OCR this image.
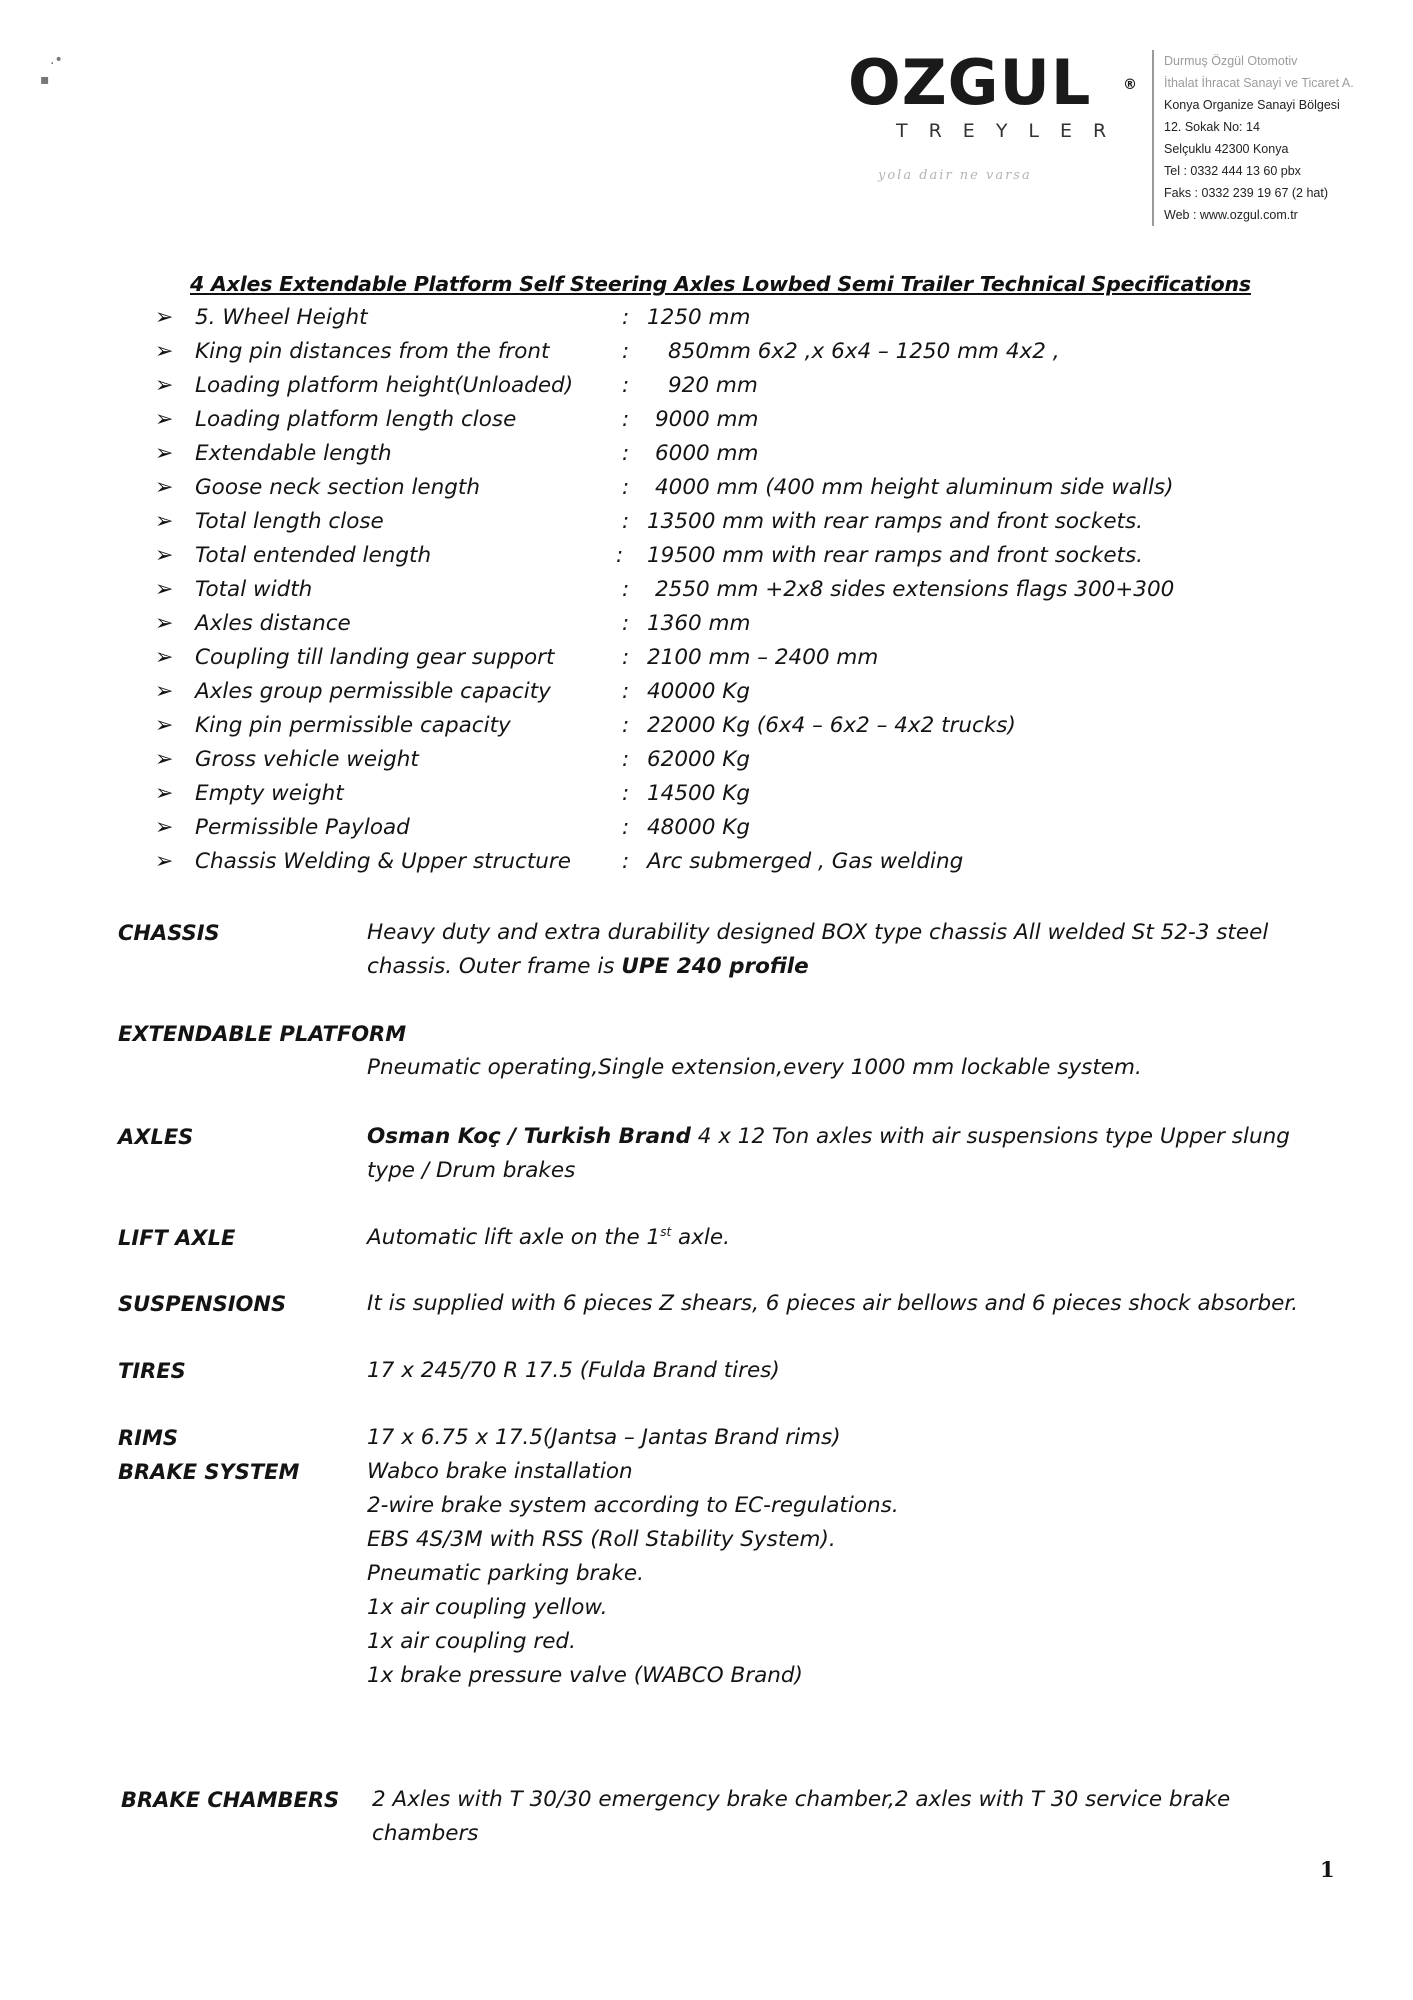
.•
▪	OZGUL ®
TREYLER
yola dair ne varsa
Durmuş Özgül Otomotiv
İthalat İhracat Sanayi ve Ticaret A.
Konya Organize Sanayi Bölgesi
12. Sokak No: 14
Selçuklu 42300 Konya
Tel : 0332 444 13 60 pbx
Faks : 0332 239 19 67 (2 hat)
Web : www.ozgul.com.tr
4 Axles Extendable Platform Self Steering Axles Lowbed Semi Trailer Technical Specifications
➢ 5. Wheel Height	: 1250 mm
➢ King pin distances from the front	: 850mm 6x2 ,x 6x4 – 1250 mm 4x2 ,
➢ Loading platform height(Unloaded) : 920 mm
➢ Loading platform length close	: 9000 mm
➢ Extendable length	: 6000 mm
➢ Goose neck section length	: 4000 mm (400 mm height aluminum side walls)
➢ Total length close	: 13500 mm with rear ramps and front sockets.
➢ Total entended length	: 19500 mm with rear ramps and front sockets.
➢ Total width	: 2550 mm +2x8 sides extensions flags 300+300
➢ Axles distance	: 1360 mm
➢ Coupling till landing gear support	: 2100 mm – 2400 mm
➢ Axles group permissible capacity	: 40000 Kg
➢ King pin permissible capacity	: 22000 Kg (6x4 – 6x2 – 4x2 trucks)
➢ Gross vehicle weight	: 62000 Kg
➢ Empty weight	: 14500 Kg
➢ Permissible Payload	: 48000 Kg
➢ Chassis Welding & Upper structure : Arc submerged , Gas welding
CHASSIS	Heavy duty and extra durability designed BOX type chassis All welded St 52-3 steel
chassis. Outer frame is UPE 240 profile
EXTENDABLE PLATFORM
Pneumatic operating,Single extension,every 1000 mm lockable system.
AXLES	Osman Koç / Turkish Brand 4 x 12 Ton axles with air suspensions type Upper slung
type / Drum brakes
LIFT AXLE	Automatic lift axle on the 1st axle.
SUSPENSIONS	It is supplied with 6 pieces Z shears, 6 pieces air bellows and 6 pieces shock absorber.
TIRES	17 x 245/70 R 17.5 (Fulda Brand tires)
RIMS	17 x 6.75 x 17.5(Jantsa – Jantas Brand rims)
BRAKE SYSTEM	Wabco brake installation
2-wire brake system according to EC-regulations.
EBS 4S/3M with RSS (Roll Stability System).
Pneumatic parking brake.
1x air coupling yellow.
1x air coupling red.
1x brake pressure valve (WABCO Brand)
BRAKE CHAMBERS 2 Axles with T 30/30 emergency brake chamber,2 axles with T 30 service brake
chambers
1
